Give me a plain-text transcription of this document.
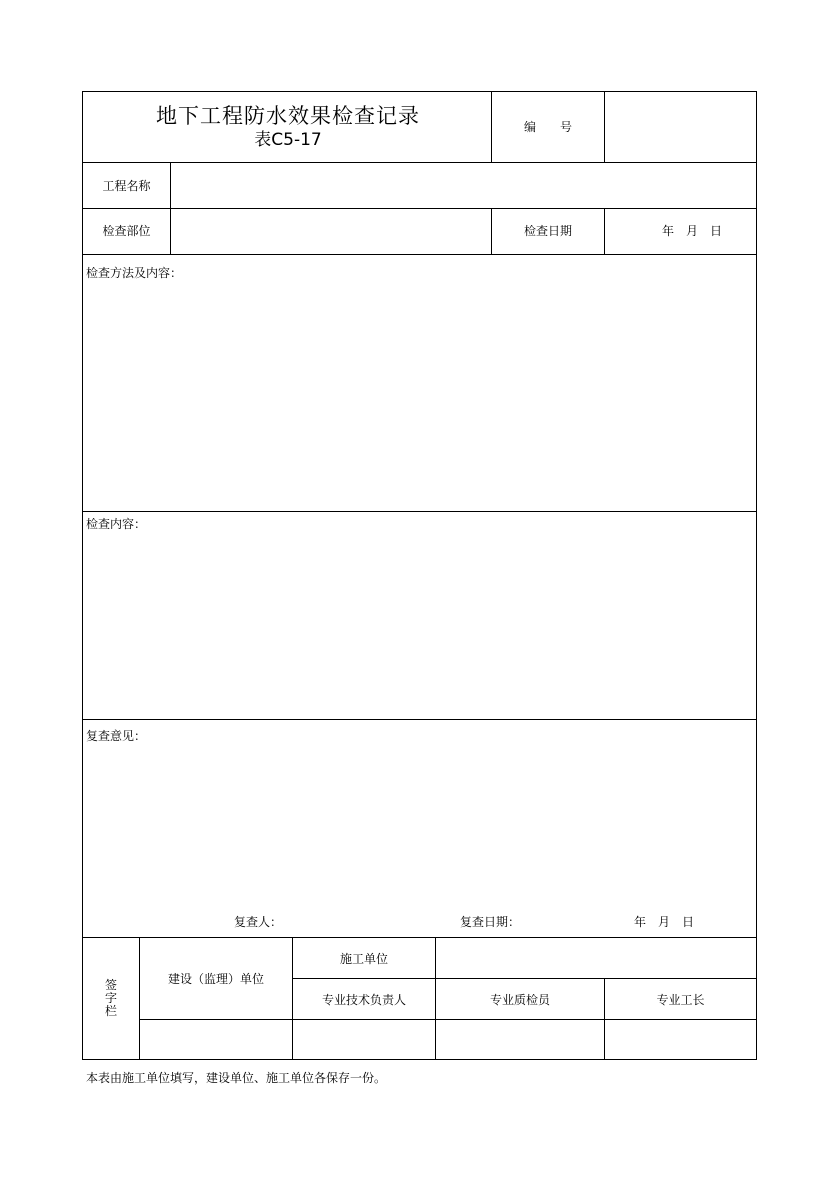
地下工程防水效果检查记录
表C5-17
编　　号
工程名称
检查部位	检查日期	年　月　日
检查方法及内容：
检查内容：
复查意见：
复查人：	复查日期：	年　月　日
签字栏
建设（监理）单位
施工单位
专业技术负责人	专业质检员	专业工长
本表由施工单位填写，建设单位、施工单位各保存一份。
